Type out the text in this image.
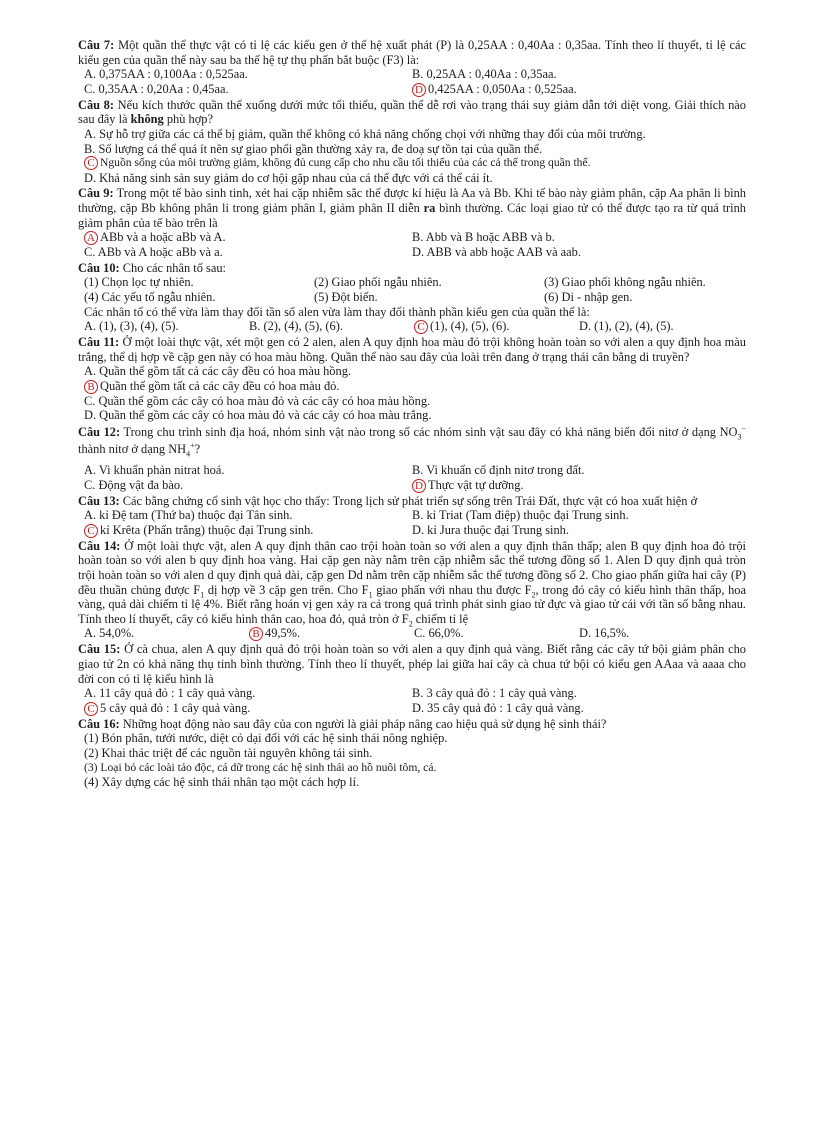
Câu 7: Một quần thể thực vật có tỉ lệ các kiểu gen ở thế hệ xuất phát (P) là 0,25AA : 0,40Aa : 0,35aa. Tính theo lí thuyết, tỉ lệ các kiểu gen của quần thể này sau ba thế hệ tự thụ phấn bắt buộc (F3) là:
A. 0,375AA : 0,100Aa : 0,525aa.	B. 0,25AA : 0,40Aa : 0,35aa.
C. 0,35AA : 0,20Aa : 0,45aa.	D 0,425AA : 0,050Aa : 0,525aa.
Câu 8: Nếu kích thước quần thể xuống dưới mức tối thiểu, quần thể dễ rơi vào trạng thái suy giảm dẫn tới diệt vong. Giải thích nào sau đây là không phù hợp?
A. Sự hỗ trợ giữa các cá thể bị giảm, quần thể không có khả năng chống chọi với những thay đổi của môi trường.
B. Số lượng cá thể quá ít nên sự giao phối gần thường xảy ra, đe doạ sự tồn tại của quần thể.
C Nguồn sống của môi trường giảm, không đủ cung cấp cho nhu cầu tối thiểu của các cá thể trong quần thể.
D. Khả năng sinh sản suy giảm do cơ hội gặp nhau của cá thể đực với cá thể cái ít.
Câu 9: Trong một tế bào sinh tinh, xét hai cặp nhiễm sắc thể được kí hiệu là Aa và Bb. Khi tế bào này giảm phân, cặp Aa phân li bình thường, cặp Bb không phân li trong giảm phân I, giảm phân II diễn ra bình thường. Các loại giao tử có thể được tạo ra từ quá trình giảm phân của tế bào trên là
A ABb và a hoặc aBb và A.	B. Abb và B hoặc ABB và b.
C. ABb và A hoặc aBb và a.	D. ABB và abb hoặc AAB và aab.
Câu 10: Cho các nhân tố sau:
(1) Chọn lọc tự nhiên.	(2) Giao phối ngẫu nhiên.	(3) Giao phối không ngẫu nhiên.
(4) Các yếu tố ngẫu nhiên.	(5) Đột biến.	(6) Di - nhập gen.
Các nhân tố có thể vừa làm thay đổi tần số alen vừa làm thay đổi thành phần kiểu gen của quần thể là:
A. (1), (3), (4), (5).	B. (2), (4), (5), (6).	C (1), (4), (5), (6).	D. (1), (2), (4), (5).
Câu 11: Ở một loài thực vật, xét một gen có 2 alen, alen A quy định hoa màu đỏ trội không hoàn toàn so với alen a quy định hoa màu trắng, thể dị hợp về cặp gen này có hoa màu hồng. Quần thể nào sau đây của loài trên đang ở trạng thái cân bằng di truyền?
A. Quần thể gồm tất cả các cây đều có hoa màu hồng.
B Quần thể gồm tất cả các cây đều có hoa màu đỏ.
C. Quần thể gồm các cây có hoa màu đỏ và các cây có hoa màu hồng.
D. Quần thể gồm các cây có hoa màu đỏ và các cây có hoa màu trắng.
Câu 12: Trong chu trình sinh địa hoá, nhóm sinh vật nào trong số các nhóm sinh vật sau đây có khả năng biến đổi nitơ ở dạng $NO_3^-$ thành nitơ ở dạng $NH_4^+$?
A. Vi khuẩn phản nitrat hoá.	B. Vi khuẩn cố định nitơ trong đất.
C. Động vật đa bào.	D Thực vật tự dưỡng.
Câu 13: Các bằng chứng cổ sinh vật học cho thấy: Trong lịch sử phát triển sự sống trên Trái Đất, thực vật có hoa xuất hiện ở
A. kỉ Đệ tam (Thứ ba) thuộc đại Tân sinh.	B. kỉ Triat (Tam điệp) thuộc đại Trung sinh.
C kỉ Krêta (Phấn trắng) thuộc đại Trung sinh.	D. kỉ Jura thuộc đại Trung sinh.
Câu 14: Ở một loài thực vật, alen A quy định thân cao trội hoàn toàn so với alen a quy định thân thấp; alen B quy định hoa đỏ trội hoàn toàn so với alen b quy định hoa vàng. Hai cặp gen này nằm trên cặp nhiễm sắc thể tương đồng số 1. Alen D quy định quả tròn trội hoàn toàn so với alen d quy định quả dài, cặp gen Dd nằm trên cặp nhiễm sắc thể tương đồng số 2. Cho giao phấn giữa hai cây (P) đều thuần chủng được $F_1$ dị hợp về 3 cặp gen trên. Cho $F_1$ giao phấn với nhau thu được $F_2$, trong đó cây có kiểu hình thân thấp, hoa vàng, quả dài chiếm tỉ lệ 4%. Biết rằng hoán vị gen xảy ra cả trong quá trình phát sinh giao tử đực và giao tử cái với tần số bằng nhau. Tính theo lí thuyết, cây có kiểu hình thân cao, hoa đỏ, quả tròn ở $F_2$ chiếm tỉ lệ
A. 54,0%.	B 49,5%.	C. 66,0%.	D. 16,5%.
Câu 15: Ở cà chua, alen A quy định quả đỏ trội hoàn toàn so với alen a quy định quả vàng. Biết rằng các cây tứ bội giảm phân cho giao tử 2n có khả năng thụ tinh bình thường. Tính theo lí thuyết, phép lai giữa hai cây cà chua tứ bội có kiểu gen AAaa và aaaa cho đời con có tỉ lệ kiểu hình là
A. 11 cây quả đỏ : 1 cây quả vàng.	B. 3 cây quả đỏ : 1 cây quả vàng.
C 5 cây quả đỏ : 1 cây quả vàng.	D. 35 cây quả đỏ : 1 cây quả vàng.
Câu 16: Những hoạt động nào sau đây của con người là giải pháp nâng cao hiệu quả sử dụng hệ sinh thái?
(1) Bón phân, tưới nước, diệt cỏ dại đối với các hệ sinh thái nông nghiệp.
(2) Khai thác triệt để các nguồn tài nguyên không tái sinh.
(3) Loại bỏ các loài tảo độc, cá dữ trong các hệ sinh thái ao hồ nuôi tôm, cá.
(4) Xây dựng các hệ sinh thái nhân tạo một cách hợp lí.
